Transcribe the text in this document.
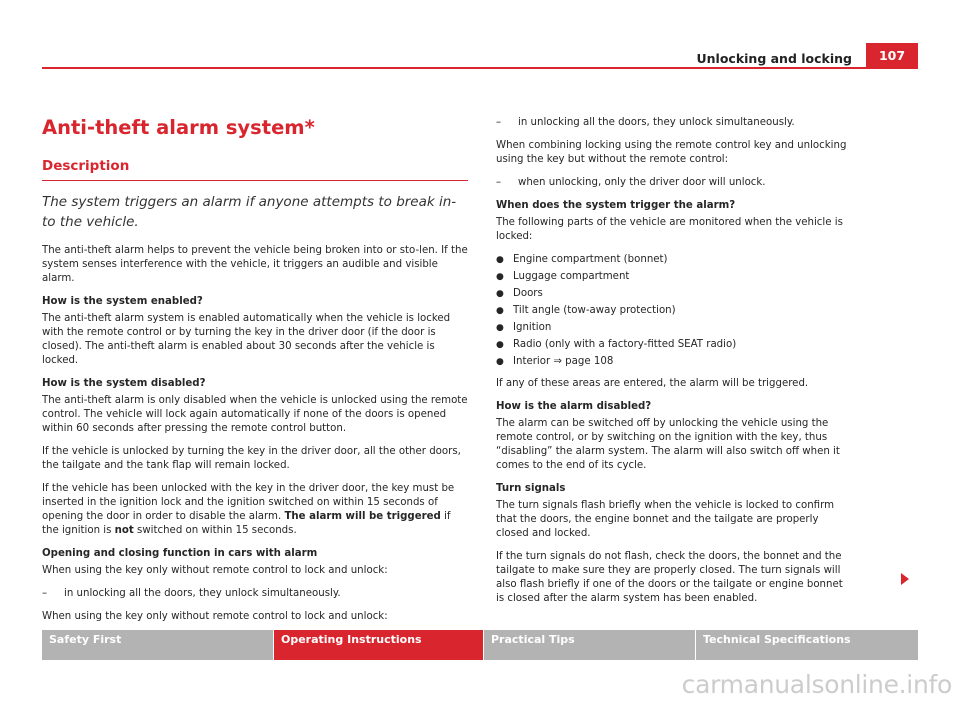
Unlocking and locking	107
Anti-theft alarm system*
Description

The system triggers an alarm if anyone attempts to break in-to the vehicle.

The anti-theft alarm helps to prevent the vehicle being broken into or sto-len. If the system senses interference with the vehicle, it triggers an audible and visible alarm.

How is the system enabled?

The anti-theft alarm system is enabled automatically when the vehicle is locked with the remote control or by turning the key in the driver door (if the door is closed). The anti-theft alarm is enabled about 30 seconds after the vehicle is locked.

How is the system disabled?

The anti-theft alarm is only disabled when the vehicle is unlocked using the remote control. The vehicle will lock again automatically if none of the doors is opened within 60 seconds after pressing the remote control button.

If the vehicle is unlocked by turning the key in the driver door, all the other doors, the tailgate and the tank flap will remain locked.

If the vehicle has been unlocked with the key in the driver door, the key must be inserted in the ignition lock and the ignition switched on within 15 seconds of opening the door in order to disable the alarm. The alarm will be triggered if the ignition is not switched on within 15 seconds.

Opening and closing function in cars with alarm

When using the key only without remote control to lock and unlock:

–	in unlocking all the doors, they unlock simultaneously.

When using the key only without remote control to lock and unlock:

–	in unlocking all the doors, they unlock simultaneously.

When combining locking using the remote control key and unlocking using the key but without the remote control:

–	when unlocking, only the driver door will unlock.

When does the system trigger the alarm?

The following parts of the vehicle are monitored when the vehicle is locked:

● Engine compartment (bonnet)
● Luggage compartment
● Doors
● Tilt angle (tow-away protection)
● Ignition
● Radio (only with a factory-fitted SEAT radio)
● Interior ⇒ page 108

If any of these areas are entered, the alarm will be triggered.

How is the alarm disabled?

The alarm can be switched off by unlocking the vehicle using the remote control, or by switching on the ignition with the key, thus “disabling” the alarm system. The alarm will also switch off when it comes to the end of its cycle.

Turn signals

The turn signals flash briefly when the vehicle is locked to confirm that the doors, the engine bonnet and the tailgate are properly closed and locked.

If the turn signals do not flash, check the doors, the bonnet and the tailgate to make sure they are properly closed. The turn signals will also flash briefly if one of the doors or the tailgate or engine bonnet is closed after the alarm system has been enabled.

Safety First	Operating Instructions	Practical Tips	Technical Specifications
carmanualsonline.info
